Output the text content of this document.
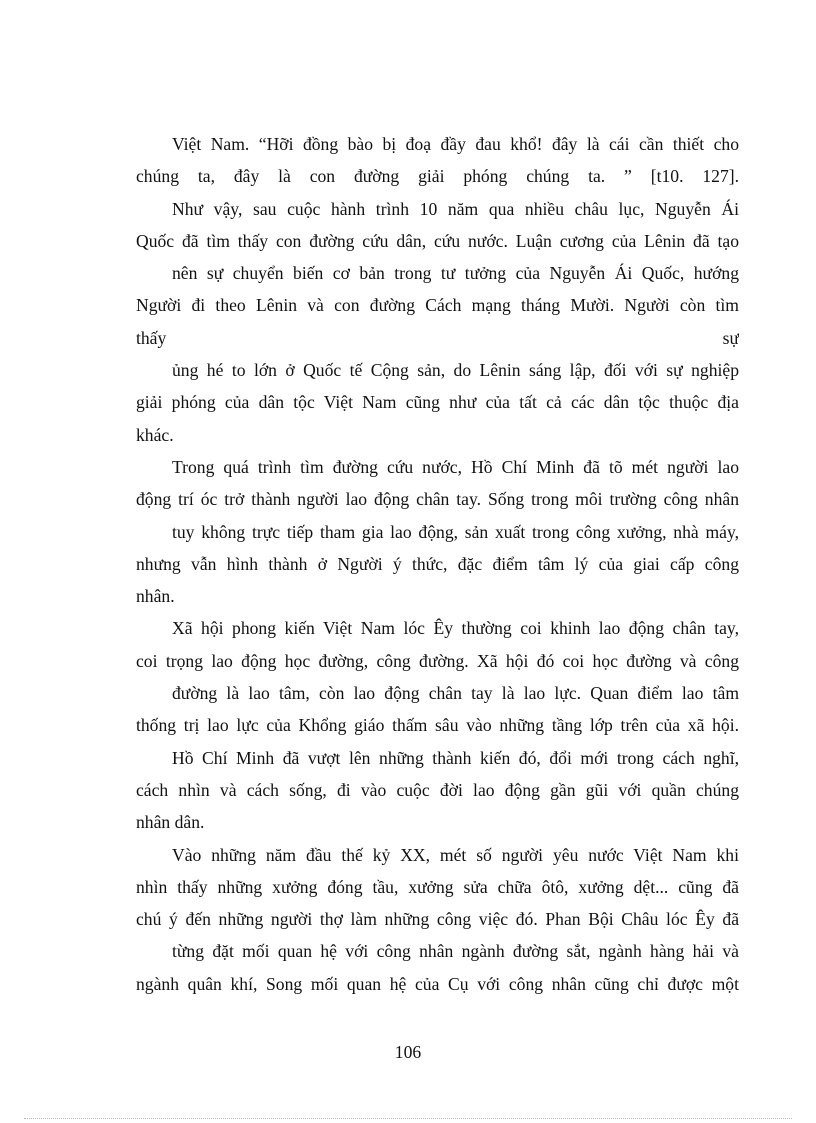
Việt Nam. “Hỡi đồng bào bị đoạ đầy đau khổ! đây là cái cần thiết cho
chúng ta, đây là con đường giải phóng chúng ta. ” [t10. 127].
Như vậy, sau cuộc hành trình 10 năm qua nhiều châu lục, Nguyễn Ái
Quốc đã tìm thấy con đường cứu dân, cứu nước. Luận cương của Lênin đã tạo
nên sự chuyển biến cơ bản trong tư tưởng của Nguyễn Ái Quốc, hướng
Người đi theo Lênin và con đường Cách mạng tháng Mười. Người còn tìm
thấy sự
ủng hé to lớn ở Quốc tế Cộng sản, do Lênin sáng lập, đối với sự nghiệp
giải phóng của dân tộc Việt Nam cũng như của tất cả các dân tộc thuộc địa
khác.
Trong quá trình tìm đường cứu nước, Hồ Chí Minh đã tõ mét người lao
động trí óc trở thành người lao động chân tay. Sống trong môi trường công nhân
tuy không trực tiếp tham gia lao động, sản xuất trong công xưởng, nhà máy,
nhưng vẫn hình thành ở Người ý thức, đặc điểm tâm lý của giai cấp công
nhân.
Xã hội phong kiến Việt Nam lóc Êy thường coi khinh lao động chân tay,
coi trọng lao động học đường, công đường. Xã hội đó coi học đường và công
đường là lao tâm, còn lao động chân tay là lao lực. Quan điểm lao tâm
thống trị lao lực của Khổng giáo thấm sâu vào những tầng lớp trên của xã hội.
Hồ Chí Minh đã vượt lên những thành kiến đó, đổi mới trong cách nghĩ,
cách nhìn và cách sống, đi vào cuộc đời lao động gần gũi với quần chúng
nhân dân.
Vào những năm đầu thế kỷ XX, mét số người yêu nước Việt Nam khi
nhìn thấy những xưởng đóng tầu, xưởng sửa chữa ôtô, xưởng dệt... cũng đã
chú ý đến những người thợ làm những công việc đó. Phan Bội Châu lóc Êy đã
từng đặt mối quan hệ với công nhân ngành đường sắt, ngành hàng hải và
ngành quân khí, Song mối quan hệ của Cụ với công nhân cũng chỉ được một
106
